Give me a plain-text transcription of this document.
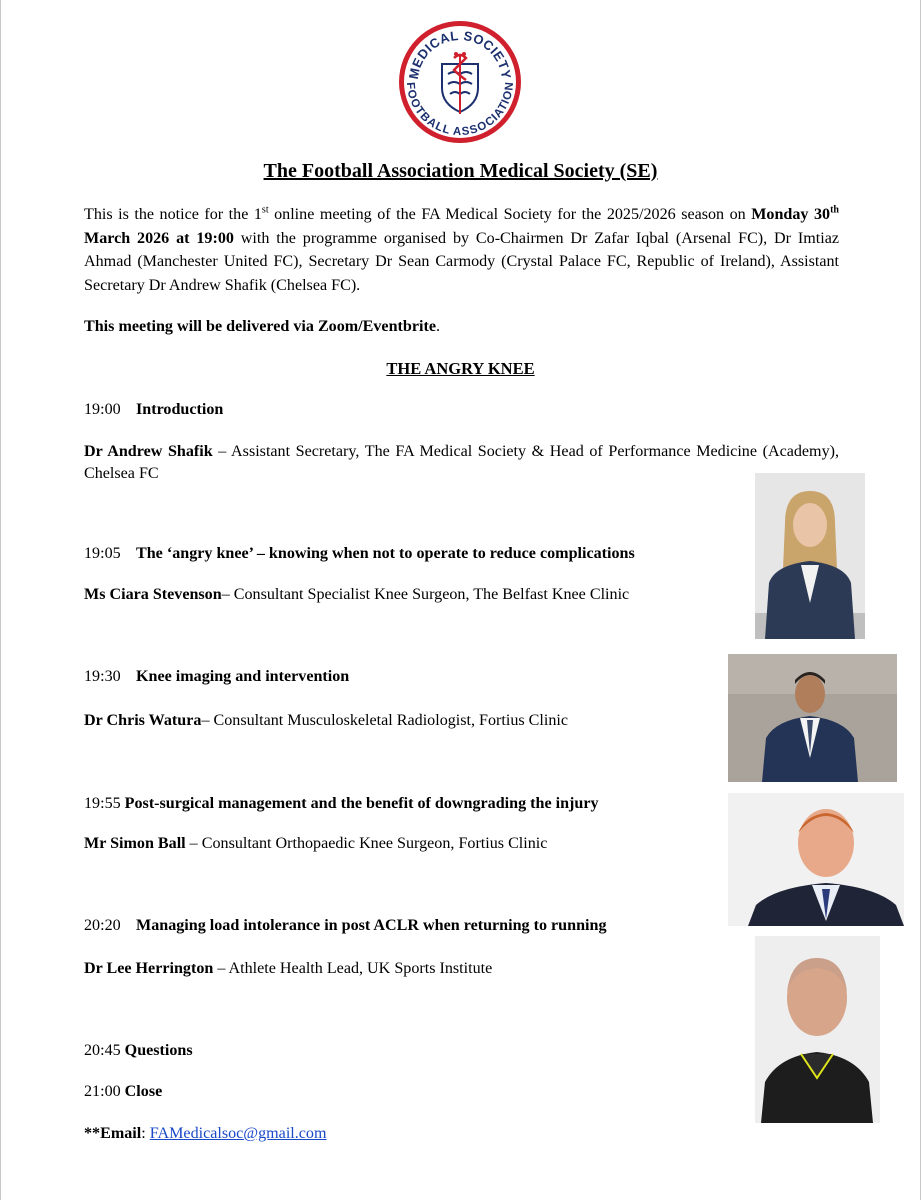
MEDICAL SOCIETY
FOOTBALL ASSOCIATION
The Football Association Medical Society (SE)
This is the notice for the 1st online meeting of the FA Medical Society for the 2025/2026 season on Monday 30th March 2026 at 19:00 with the programme organised by Co-Chairmen Dr Zafar Iqbal (Arsenal FC), Dr Imtiaz Ahmad (Manchester United FC), Secretary Dr Sean Carmody (Crystal Palace FC, Republic of Ireland), Assistant Secretary Dr Andrew Shafik (Chelsea FC).
This meeting will be delivered via Zoom/Eventbrite.
THE ANGRY KNEE
19:00 Introduction
Dr Andrew Shafik – Assistant Secretary, The FA Medical Society & Head of Performance Medicine (Academy), Chelsea FC
19:05 The ‘angry knee’ – knowing when not to operate to reduce complications
Ms Ciara Stevenson– Consultant Specialist Knee Surgeon, The Belfast Knee Clinic
19:30 Knee imaging and intervention
Dr Chris Watura– Consultant Musculoskeletal Radiologist, Fortius Clinic
19:55 Post-surgical management and the benefit of downgrading the injury
Mr Simon Ball – Consultant Orthopaedic Knee Surgeon, Fortius Clinic
20:20 Managing load intolerance in post ACLR when returning to running
Dr Lee Herrington – Athlete Health Lead, UK Sports Institute
20:45 Questions
21:00 Close
**Email: FAMedicalsoc@gmail.com
